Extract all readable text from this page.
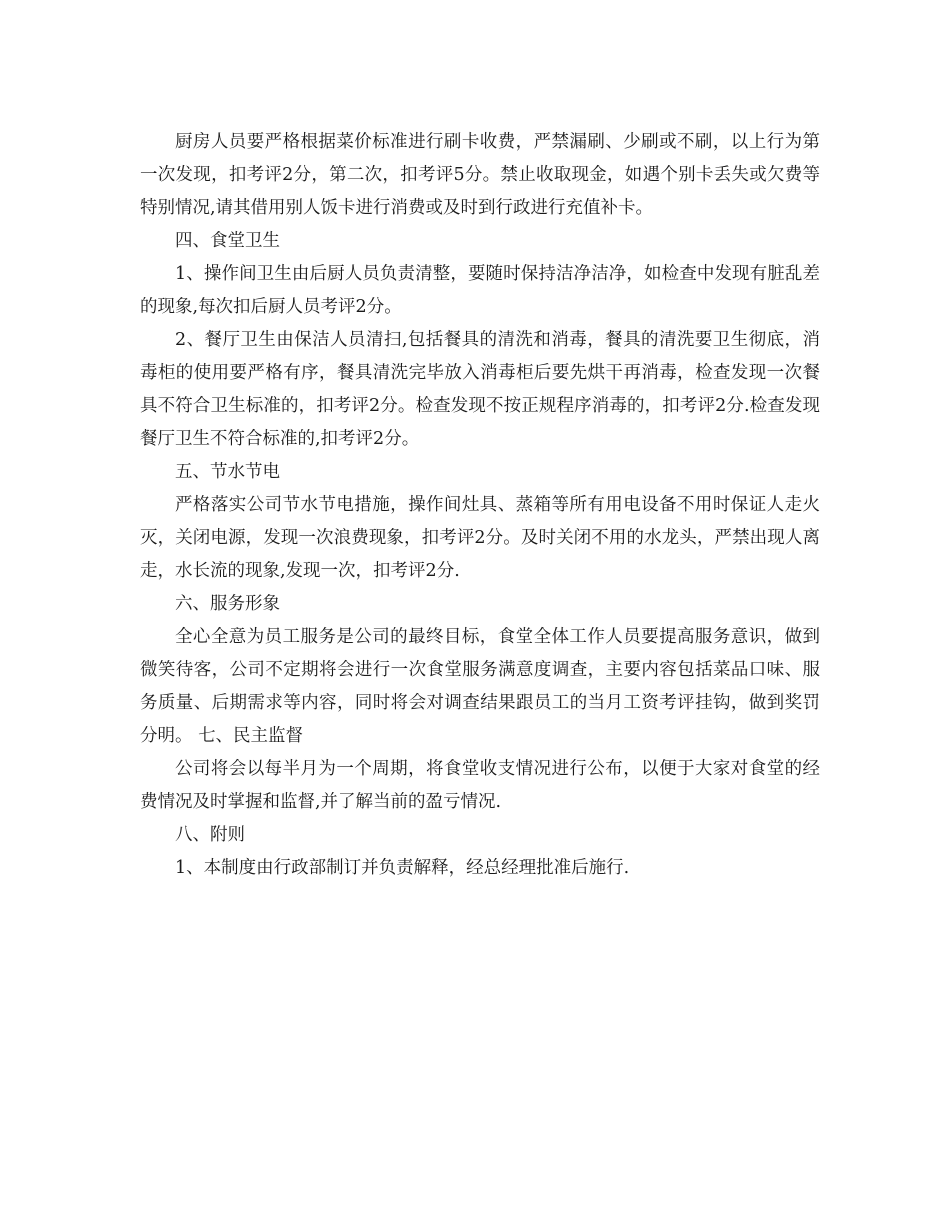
厨房人员要严格根据菜价标准进行刷卡收费，严禁漏刷、少刷或不刷，以上行为第一次发现，扣考评2分，第二次，扣考评5分。禁止收取现金，如遇个别卡丢失或欠费等特别情况,请其借用别人饭卡进行消费或及时到行政进行充值补卡。

四、食堂卫生

1、操作间卫生由后厨人员负责清整，要随时保持洁净洁净，如检查中发现有脏乱差的现象,每次扣后厨人员考评2分。

2、餐厅卫生由保洁人员清扫,包括餐具的清洗和消毒，餐具的清洗要卫生彻底，消毒柜的使用要严格有序，餐具清洗完毕放入消毒柜后要先烘干再消毒，检查发现一次餐具不符合卫生标准的，扣考评2分。检查发现不按正规程序消毒的，扣考评2分.检查发现餐厅卫生不符合标准的,扣考评2分。

五、节水节电

严格落实公司节水节电措施，操作间灶具、蒸箱等所有用电设备不用时保证人走火灭，关闭电源，发现一次浪费现象，扣考评2分。及时关闭不用的水龙头，严禁出现人离走，水长流的现象,发现一次，扣考评2分.

六、服务形象

全心全意为员工服务是公司的最终目标，食堂全体工作人员要提高服务意识，做到微笑待客，公司不定期将会进行一次食堂服务满意度调查，主要内容包括菜品口味、服务质量、后期需求等内容，同时将会对调查结果跟员工的当月工资考评挂钩，做到奖罚分明。 七、民主监督

公司将会以每半月为一个周期，将食堂收支情况进行公布，以便于大家对食堂的经费情况及时掌握和监督,并了解当前的盈亏情况.

八、附则

1、本制度由行政部制订并负责解释，经总经理批准后施行.
